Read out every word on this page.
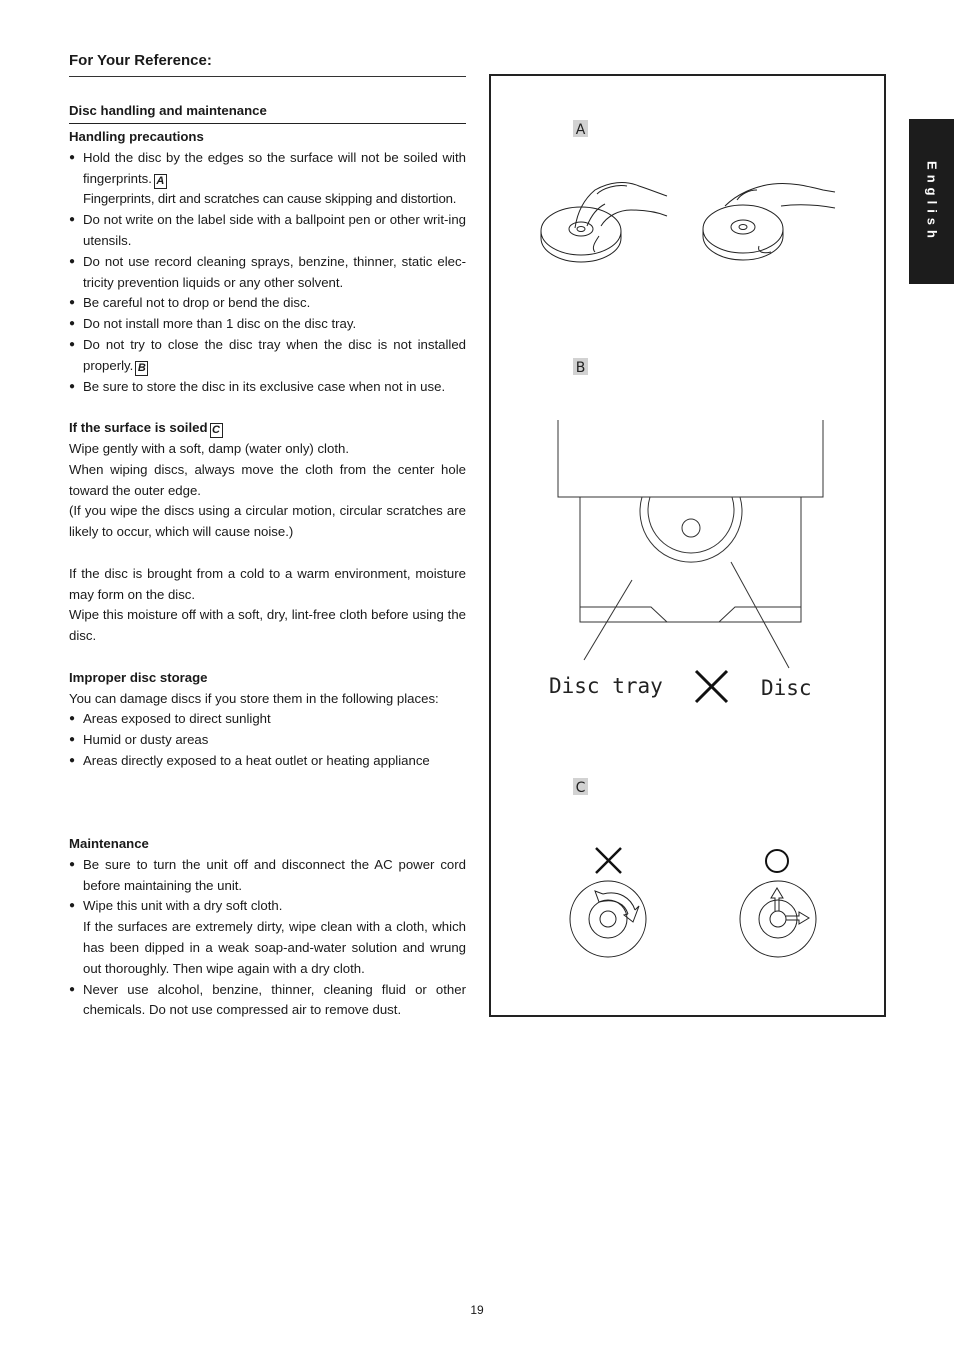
For Your Reference:
Disc handling and maintenance

Handling precautions

● Hold the disc by the edges so the surface will not be soiled with fingerprints. A
Fingerprints, dirt and scratches can cause skipping and distortion.
● Do not write on the label side with a ballpoint pen or other writ-ing utensils.
● Do not use record cleaning sprays, benzine, thinner, static elec-tricity prevention liquids or any other solvent.
● Be careful not to drop or bend the disc.
● Do not install more than 1 disc on the disc tray.
● Do not try to close the disc tray when the disc is not installed properly. B
● Be sure to store the disc in its exclusive case when not in use.

If the surface is soiled C

Wipe gently with a soft, damp (water only) cloth.

When wiping discs, always move the cloth from the center hole toward the outer edge.

(If you wipe the discs using a circular motion, circular scratches are likely to occur, which will cause noise.)

If the disc is brought from a cold to a warm environment, moisture may form on the disc.

Wipe this moisture off with a soft, dry, lint-free cloth before using the disc.

Improper disc storage

You can damage discs if you store them in the following places:

● Areas exposed to direct sunlight
● Humid or dusty areas
● Areas directly exposed to a heat outlet or heating appliance

Maintenance

● Be sure to turn the unit off and disconnect the AC power cord before maintaining the unit.
● Wipe this unit with a dry soft cloth.
If the surfaces are extremely dirty, wipe clean with a cloth, which has been dipped in a weak soap-and-water solution and wrung out thoroughly. Then wipe again with a dry cloth.
● Never use alcohol, benzine, thinner, cleaning fluid or other chemicals. Do not use compressed air to remove dust.
A
B
Disc tray	Disc
C
English
19
